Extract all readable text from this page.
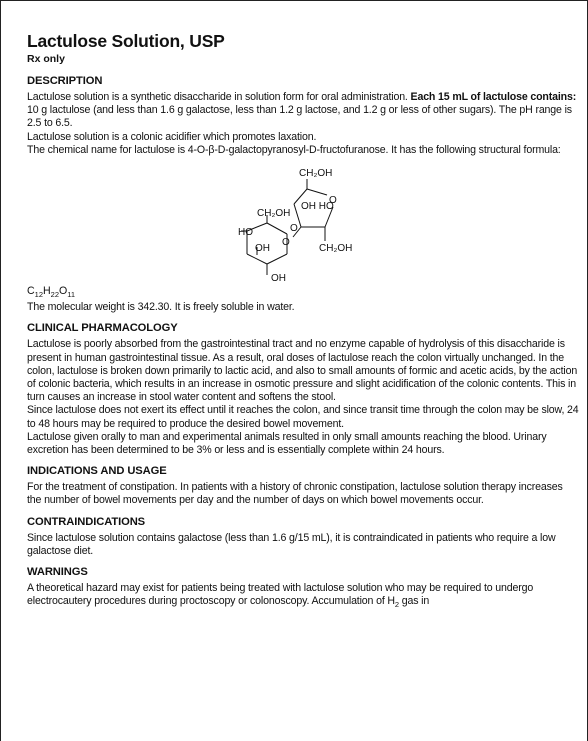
Lactulose Solution, USP
Rx only
DESCRIPTION

Lactulose solution is a synthetic disaccharide in solution form for oral administration. Each 15 mL of lactulose contains: 10 g lactulose (and less than 1.6 g galactose, less than 1.2 g lactose, and 1.2 g or less of other sugars). The pH range is 2.5 to 6.5.

Lactulose solution is a colonic acidifier which promotes laxation.

The chemical name for lactulose is 4-O-β-D-galactopyranosyl-D-fructofuranose. It has the following structural formula:

CH₂OH
O
OH HO
CH₂OH
HO	O
O
OH	CH₂OH
OH
$C_{12}H_{22}O_{11}$

The molecular weight is 342.30. It is freely soluble in water.

CLINICAL PHARMACOLOGY

Lactulose is poorly absorbed from the gastrointestinal tract and no enzyme capable of hydrolysis of this disaccharide is present in human gastrointestinal tissue. As a result, oral doses of lactulose reach the colon virtually unchanged. In the colon, lactulose is broken down primarily to lactic acid, and also to small amounts of formic and acetic acids, by the action of colonic bacteria, which results in an increase in osmotic pressure and slight acidification of the colonic contents. This in turn causes an increase in stool water content and softens the stool.

Since lactulose does not exert its effect until it reaches the colon, and since transit time through the colon may be slow, 24 to 48 hours may be required to produce the desired bowel movement.

Lactulose given orally to man and experimental animals resulted in only small amounts reaching the blood. Urinary excretion has been determined to be 3% or less and is essentially complete within 24 hours.

INDICATIONS AND USAGE

For the treatment of constipation. In patients with a history of chronic constipation, lactulose solution therapy increases the number of bowel movements per day and the number of days on which bowel movements occur.

CONTRAINDICATIONS

Since lactulose solution contains galactose (less than 1.6 g/15 mL), it is contraindicated in patients who require a low galactose diet.

WARNINGS

A theoretical hazard may exist for patients being treated with lactulose solution who may be required to undergo electrocautery procedures during proctoscopy or colonoscopy. Accumulation of $H_2$ gas in
